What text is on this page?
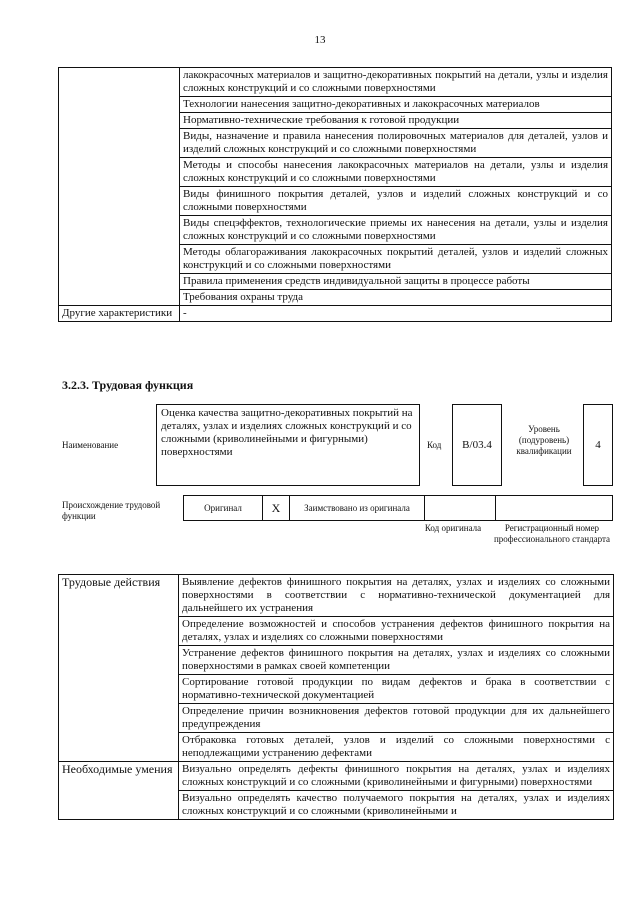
13
	лакокрасочных материалов и защитно-декоративных покрытий на детали, узлы и изделия сложных конструкций и со сложными поверхностями
	Технологии нанесения защитно-декоративных и лакокрасочных материалов
	Нормативно-технические требования к готовой продукции
	Виды, назначение и правила нанесения полировочных материалов для деталей, узлов и изделий сложных конструкций и со сложными поверхностями
	Методы и способы нанесения лакокрасочных материалов на детали, узлы и изделия сложных конструкций и со сложными поверхностями
	Виды финишного покрытия деталей, узлов и изделий сложных конструкций и со сложными поверхностями
	Виды спецэффектов, технологические приемы их нанесения на детали, узлы и изделия сложных конструкций и со сложными поверхностями
	Методы облагораживания лакокрасочных покрытий деталей, узлов и изделий сложных конструкций и со сложными поверхностями
	Правила применения средств индивидуальной защиты в процессе работы
	Требования охраны труда
Другие характеристики	-
3.2.3. Трудовая функция
Наименование
Оценка качества защитно-декоративных покрытий на деталях, узлах и изделиях сложных конструкций и со сложными (криволинейными и фигурными) поверхностями
Код B/03.4
Уровень (подуровень) квалификации	4
Происхождение трудовой функции
Оригинал	X	Заимствовано из оригинала		
Код оригинала	Регистрационный номер профессионального стандарта
Трудовые действия	Выявление дефектов финишного покрытия на деталях, узлах и изделиях со сложными поверхностями в соответствии с нормативно-технической документацией для дальнейшего их устранения
	Определение возможностей и способов устранения дефектов финишного покрытия на деталях, узлах и изделиях со сложными поверхностями
	Устранение дефектов финишного покрытия на деталях, узлах и изделиях со сложными поверхностями в рамках своей компетенции
	Сортирование готовой продукции по видам дефектов и брака в соответствии с нормативно-технической документацией
	Определение причин возникновения дефектов готовой продукции для их дальнейшего предупреждения
	Отбраковка готовых деталей, узлов и изделий со сложными поверхностями с неподлежащими устранению дефектами
Необходимые умения	Визуально определять дефекты финишного покрытия на деталях, узлах и изделиях сложных конструкций и со сложными (криволинейными и фигурными) поверхностями
	Визуально определять качество получаемого покрытия на деталях, узлах и изделиях сложных конструкций и со сложными (криволинейными и
